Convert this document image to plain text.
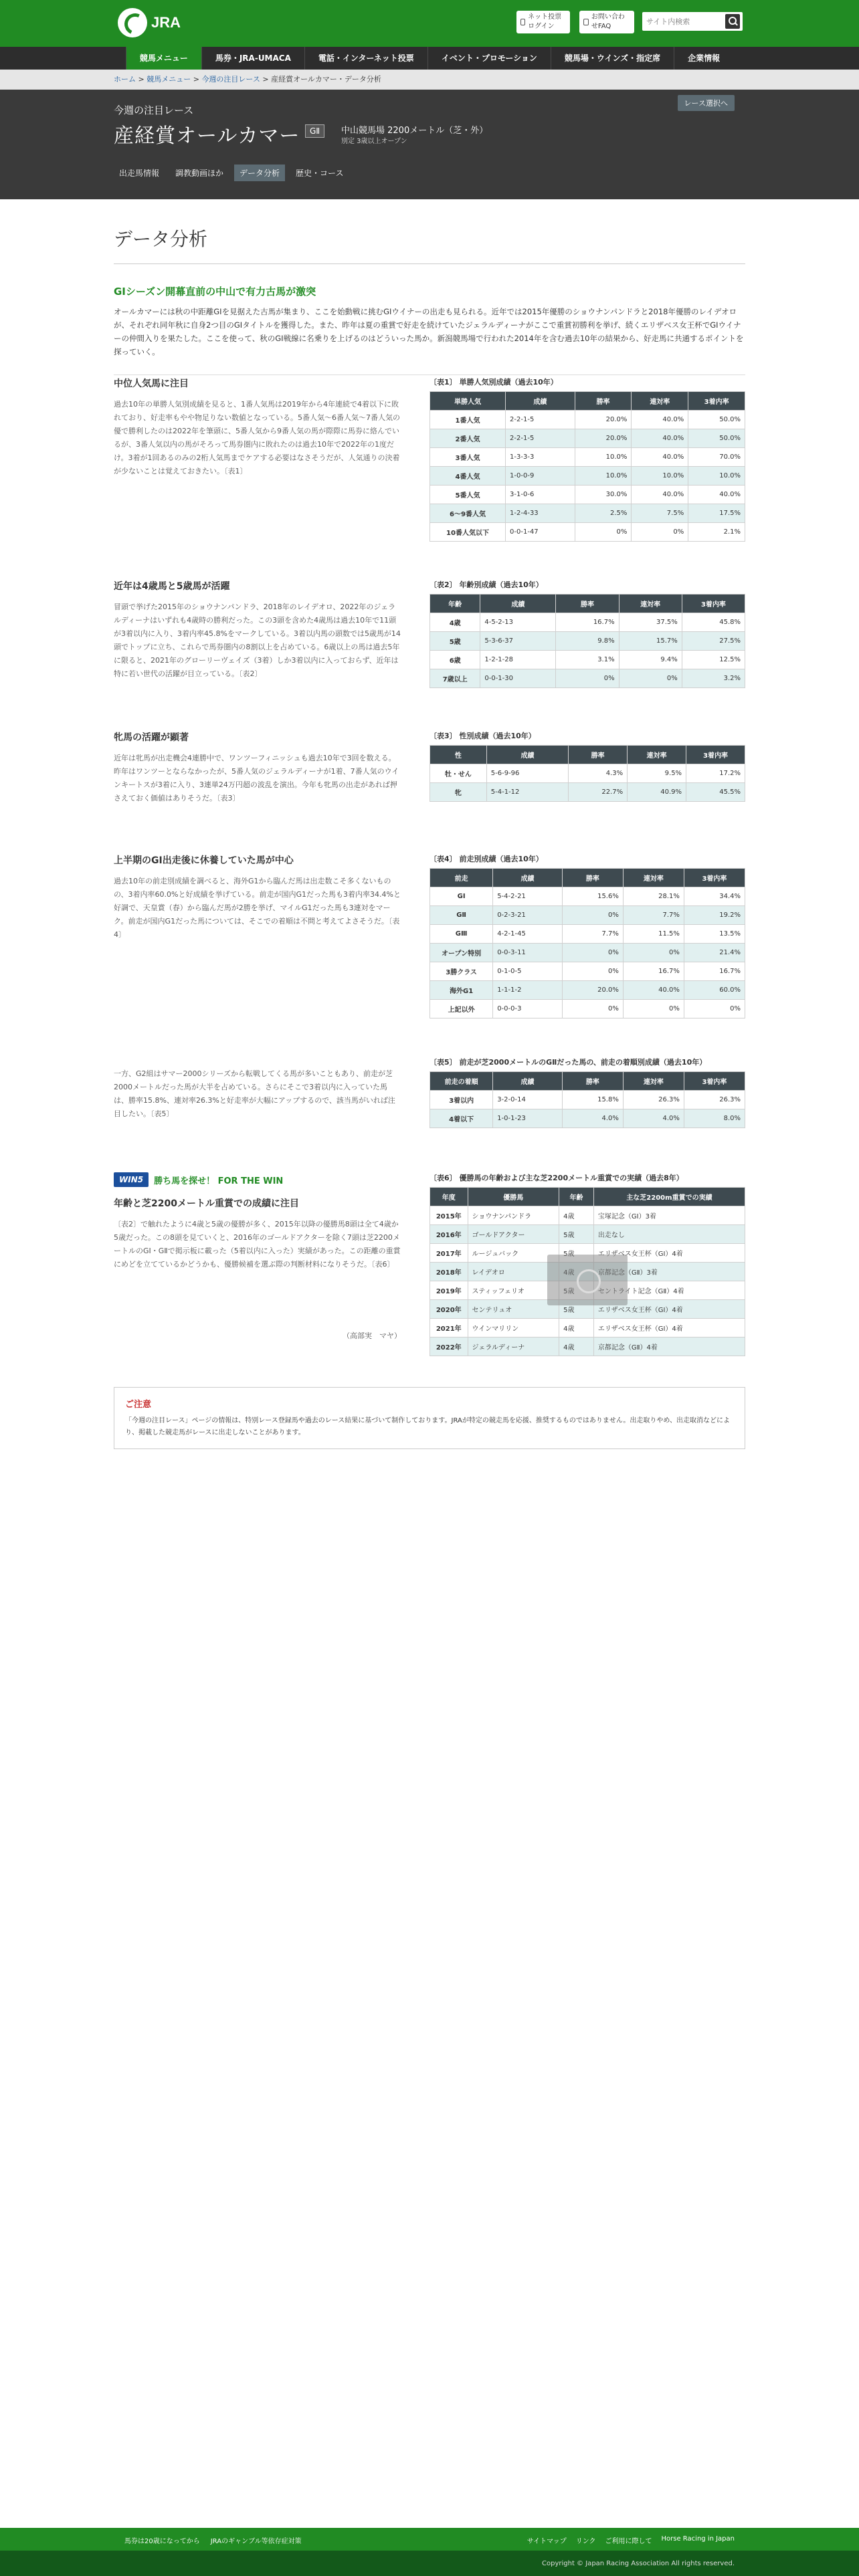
JRA	ネット投票ログイン
お問い合わせFAQ
サイト内検索
競馬メニュー	馬券・JRA-UMACA	電話・インターネット投票	イベント・プロモーション	競馬場・ウインズ・指定席	企業情報
ホーム > 競馬メニュー > 今週の注目レース > 産経賞オールカマー・データ分析
今週の注目レース
産経賞オールカマー	GⅡ	中山競馬場 2200メートル（芝・外）
別定 3歳以上オープン
レース選択へ
出走馬情報	調教動画ほか	データ分析	歴史・コース
データ分析
GⅠシーズン開幕直前の中山で有力古馬が激突

オールカマーには秋の中距離GⅠを見据えた古馬が集まり、ここを始動戦に挑むGⅠウイナーの出走も見られる。近年では2015年優勝のショウナンパンドラと2018年優勝のレイデオロが、それぞれ同年秋に自身2つ目のGⅠタイトルを獲得した。また、昨年は夏の重賞で好走を続けていたジェラルディーナがここで重賞初勝利を挙げ、続くエリザベス女王杯でGⅠウイナーの仲間入りを果たした。ここを使って、秋のGⅠ戦線に名乗りを上げるのはどういった馬か。新潟競馬場で行われた2014年を含む過去10年の結果から、好走馬に共通するポイントを探っていく。

中位人気馬に注目

過去10年の単勝人気別成績を見ると、1番人気馬は2019年から4年連続で4着以下に敗れており、好走率もやや物足りない数値となっている。5番人気〜6番人気〜7番人気の優で勝利したのは2022年を筆頭に、5番人気から9番人気の馬が際際に馬券に絡んでいるが、3番人気以内の馬がそろって馬券圏内に敗れたのは過去10年で2022年の1度だけ。3着が1回あるのみの2桁人気馬までケアする必要はなさそうだが、人気通りの決着が少ないことは覚えておきたい。〔表1〕

〔表1〕 単勝人気別成績（過去10年）
単勝人気	成績	勝率	連対率	3着内率
1番人気	2-2-1-5	20.0%	40.0%	50.0%
2番人気	2-2-1-5	20.0%	40.0%	50.0%
3番人気	1-3-3-3	10.0%	40.0%	70.0%
4番人気	1-0-0-9	10.0%	10.0%	10.0%
5番人気	3-1-0-6	30.0%	40.0%	40.0%
6〜9番人気	1-2-4-33	2.5%	7.5%	17.5%
10番人気以下	0-0-1-47	0%	0%	2.1%
近年は4歳馬と5歳馬が活躍

冒頭で挙げた2015年のショウナンパンドラ、2018年のレイデオロ、2022年のジェラルディーナはいずれも4歳時の勝利だった。この3頭を含めた4歳馬は過去10年で11頭が3着以内に入り、3着内率45.8%をマークしている。3着以内馬の頭数では5歳馬が14頭でトップに立ち、これらで馬券圏内の8割以上を占めている。6歳以上の馬は過去5年に限ると、2021年のグローリーヴェイズ（3着）しか3着以内に入っておらず、近年は特に若い世代の活躍が目立っている。〔表2〕

〔表2〕 年齢別成績（過去10年）
年齢	成績	勝率	連対率	3着内率
4歳	4-5-2-13	16.7%	37.5%	45.8%
5歳	5-3-6-37	9.8%	15.7%	27.5%
6歳	1-2-1-28	3.1%	9.4%	12.5%
7歳以上	0-0-1-30	0%	0%	3.2%
牝馬の活躍が顕著

近年は牝馬が出走機会4連勝中で、ワンツーフィニッシュも過去10年で3回を数える。昨年はワンツーとならなかったが、5番人気のジェラルディーナが1着、7番人気のウインキートスが3着に入り、3連単24万円超の波乱を演出。今年も牝馬の出走があれば押さえておく価値はありそうだ。〔表3〕

〔表3〕 性別成績（過去10年）
性	成績	勝率	連対率	3着内率
牡・せん	5-6-9-96	4.3%	9.5%	17.2%
牝	5-4-1-12	22.7%	40.9%	45.5%
上半期のGⅠ出走後に休養していた馬が中心

過去10年の前走別成績を調べると、海外G1から臨んだ馬は出走数こそ多くないものの、3着内率60.0%と好成績を挙げている。前走が国内G1だった馬も3着内率34.4%と好調で、天皇賞（春）から臨んだ馬が2勝を挙げ、マイルG1だった馬も3連対をマーク。前走が国内G1だった馬については、そこでの着順は不問と考えてよさそうだ。〔表4〕

〔表4〕 前走別成績（過去10年）
前走	成績	勝率	連対率	3着内率
GⅠ	5-4-2-21	15.6%	28.1%	34.4%
GⅡ	0-2-3-21	0%	7.7%	19.2%
GⅢ	4-2-1-45	7.7%	11.5%	13.5%
オープン特別	0-0-3-11	0%	0%	21.4%
3勝クラス	0-1-0-5	0%	16.7%	16.7%
海外G1	1-1-1-2	20.0%	40.0%	60.0%
上記以外	0-0-0-3	0%	0%	0%

一方、G2組はサマー2000シリーズから転戦してくる馬が多いこともあり、前走が芝2000メートルだった馬が大半を占めている。さらにそこで3着以内に入っていた馬は、勝率15.8%、連対率26.3%と好走率が大幅にアップするので、該当馬がいれば注目したい。〔表5〕

〔表5〕 前走が芝2000メートルのGⅡだった馬の、前走の着順別成績（過去10年）
前走の着順	成績	勝率	連対率	3着内率
3着以内	3-2-0-14	15.8%	26.3%	26.3%
4着以下	1-0-1-23	4.0%	4.0%	8.0%
WIN5	勝ち馬を探せ！ FOR THE WIN
年齢と芝2200メートル重賞での成績に注目

〔表2〕で触れたように4歳と5歳の優勝が多く、2015年以降の優勝馬8頭は全て4歳か5歳だった。この8頭を見ていくと、2016年のゴールドアクターを除く7頭は芝2200メートルのGⅠ・GⅡで掲示板に載った（5着以内に入った）実績があった。この距離の重賞にめどを立てているかどうかも、優勝候補を選ぶ際の判断材料になりそうだ。〔表6〕

（高部実　マヤ）
〔表6〕 優勝馬の年齢および主な芝2200メートル重賞での実績（過去8年）
年度	優勝馬	年齢	主な芝2200m重賞での実績
2015年	ショウナンパンドラ	4歳	宝塚記念（GⅠ）3着
2016年	ゴールドアクター	5歳	出走なし
2017年	ルージュバック	5歳	エリザベス女王杯（GⅠ）4着
2018年	レイデオロ	4歳	京都記念（GⅡ）3着
2019年	スティッフェリオ	5歳	セントライト記念（GⅡ）4着
2020年	センテリュオ	5歳	エリザベス女王杯（GⅠ）4着
2021年	ウインマリリン	4歳	エリザベス女王杯（GⅠ）4着
2022年	ジェラルディーナ	4歳	京都記念（GⅡ）4着
ご注意

「今週の注目レース」ページの情報は、特別レース登録馬や過去のレース結果に基づいて制作しております。JRAが特定の競走馬を応援、推奨するものではありません。出走取りやめ、出走取消などにより、掲載した競走馬がレースに出走しないことがあります。

馬券は20歳になってから JRAのギャンブル等依存症対策	サイトマップ リンク ご利用に際して Horse Racing in Japan
Copyright © Japan Racing Association All rights reserved.
